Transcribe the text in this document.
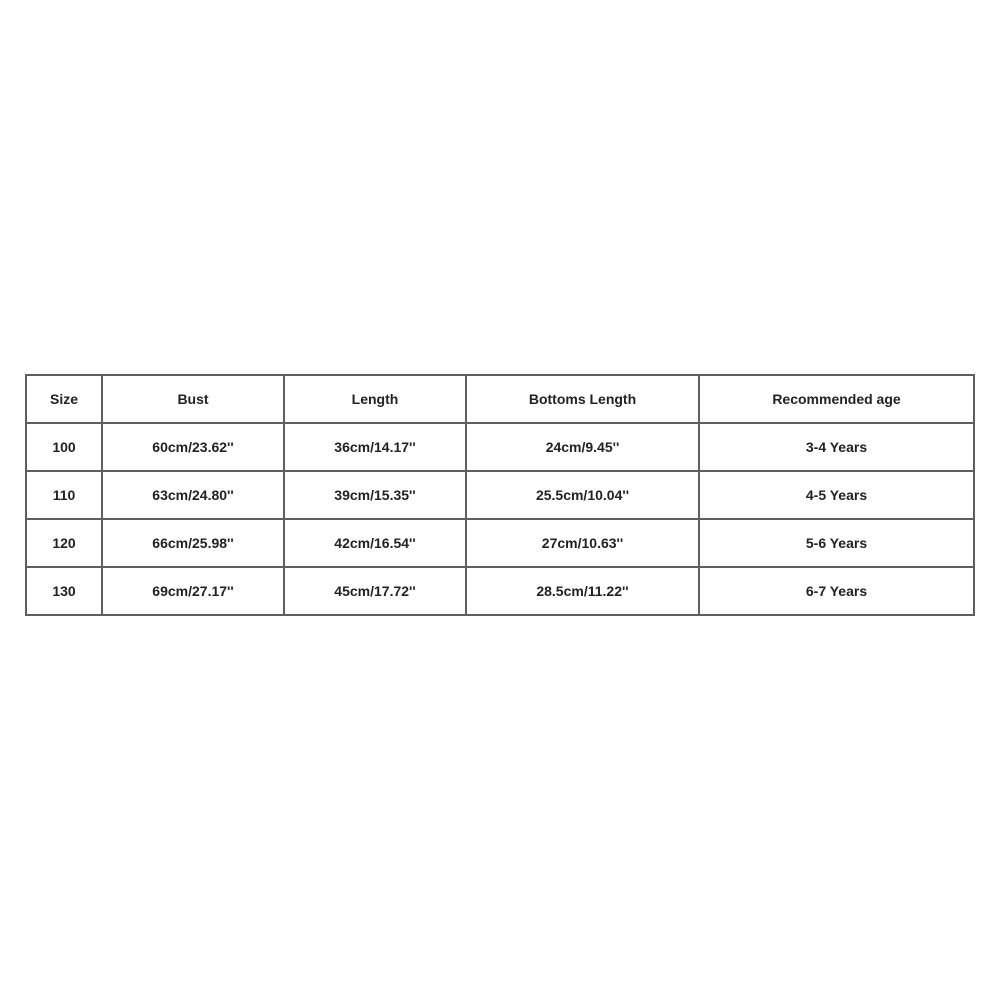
Size	Bust	Length	Bottoms Length	Recommended age
100	60cm/23.62''	36cm/14.17''	24cm/9.45''	3-4 Years
110	63cm/24.80''	39cm/15.35''	25.5cm/10.04''	4-5 Years
120	66cm/25.98''	42cm/16.54''	27cm/10.63''	5-6 Years
130	69cm/27.17''	45cm/17.72''	28.5cm/11.22''	6-7 Years
